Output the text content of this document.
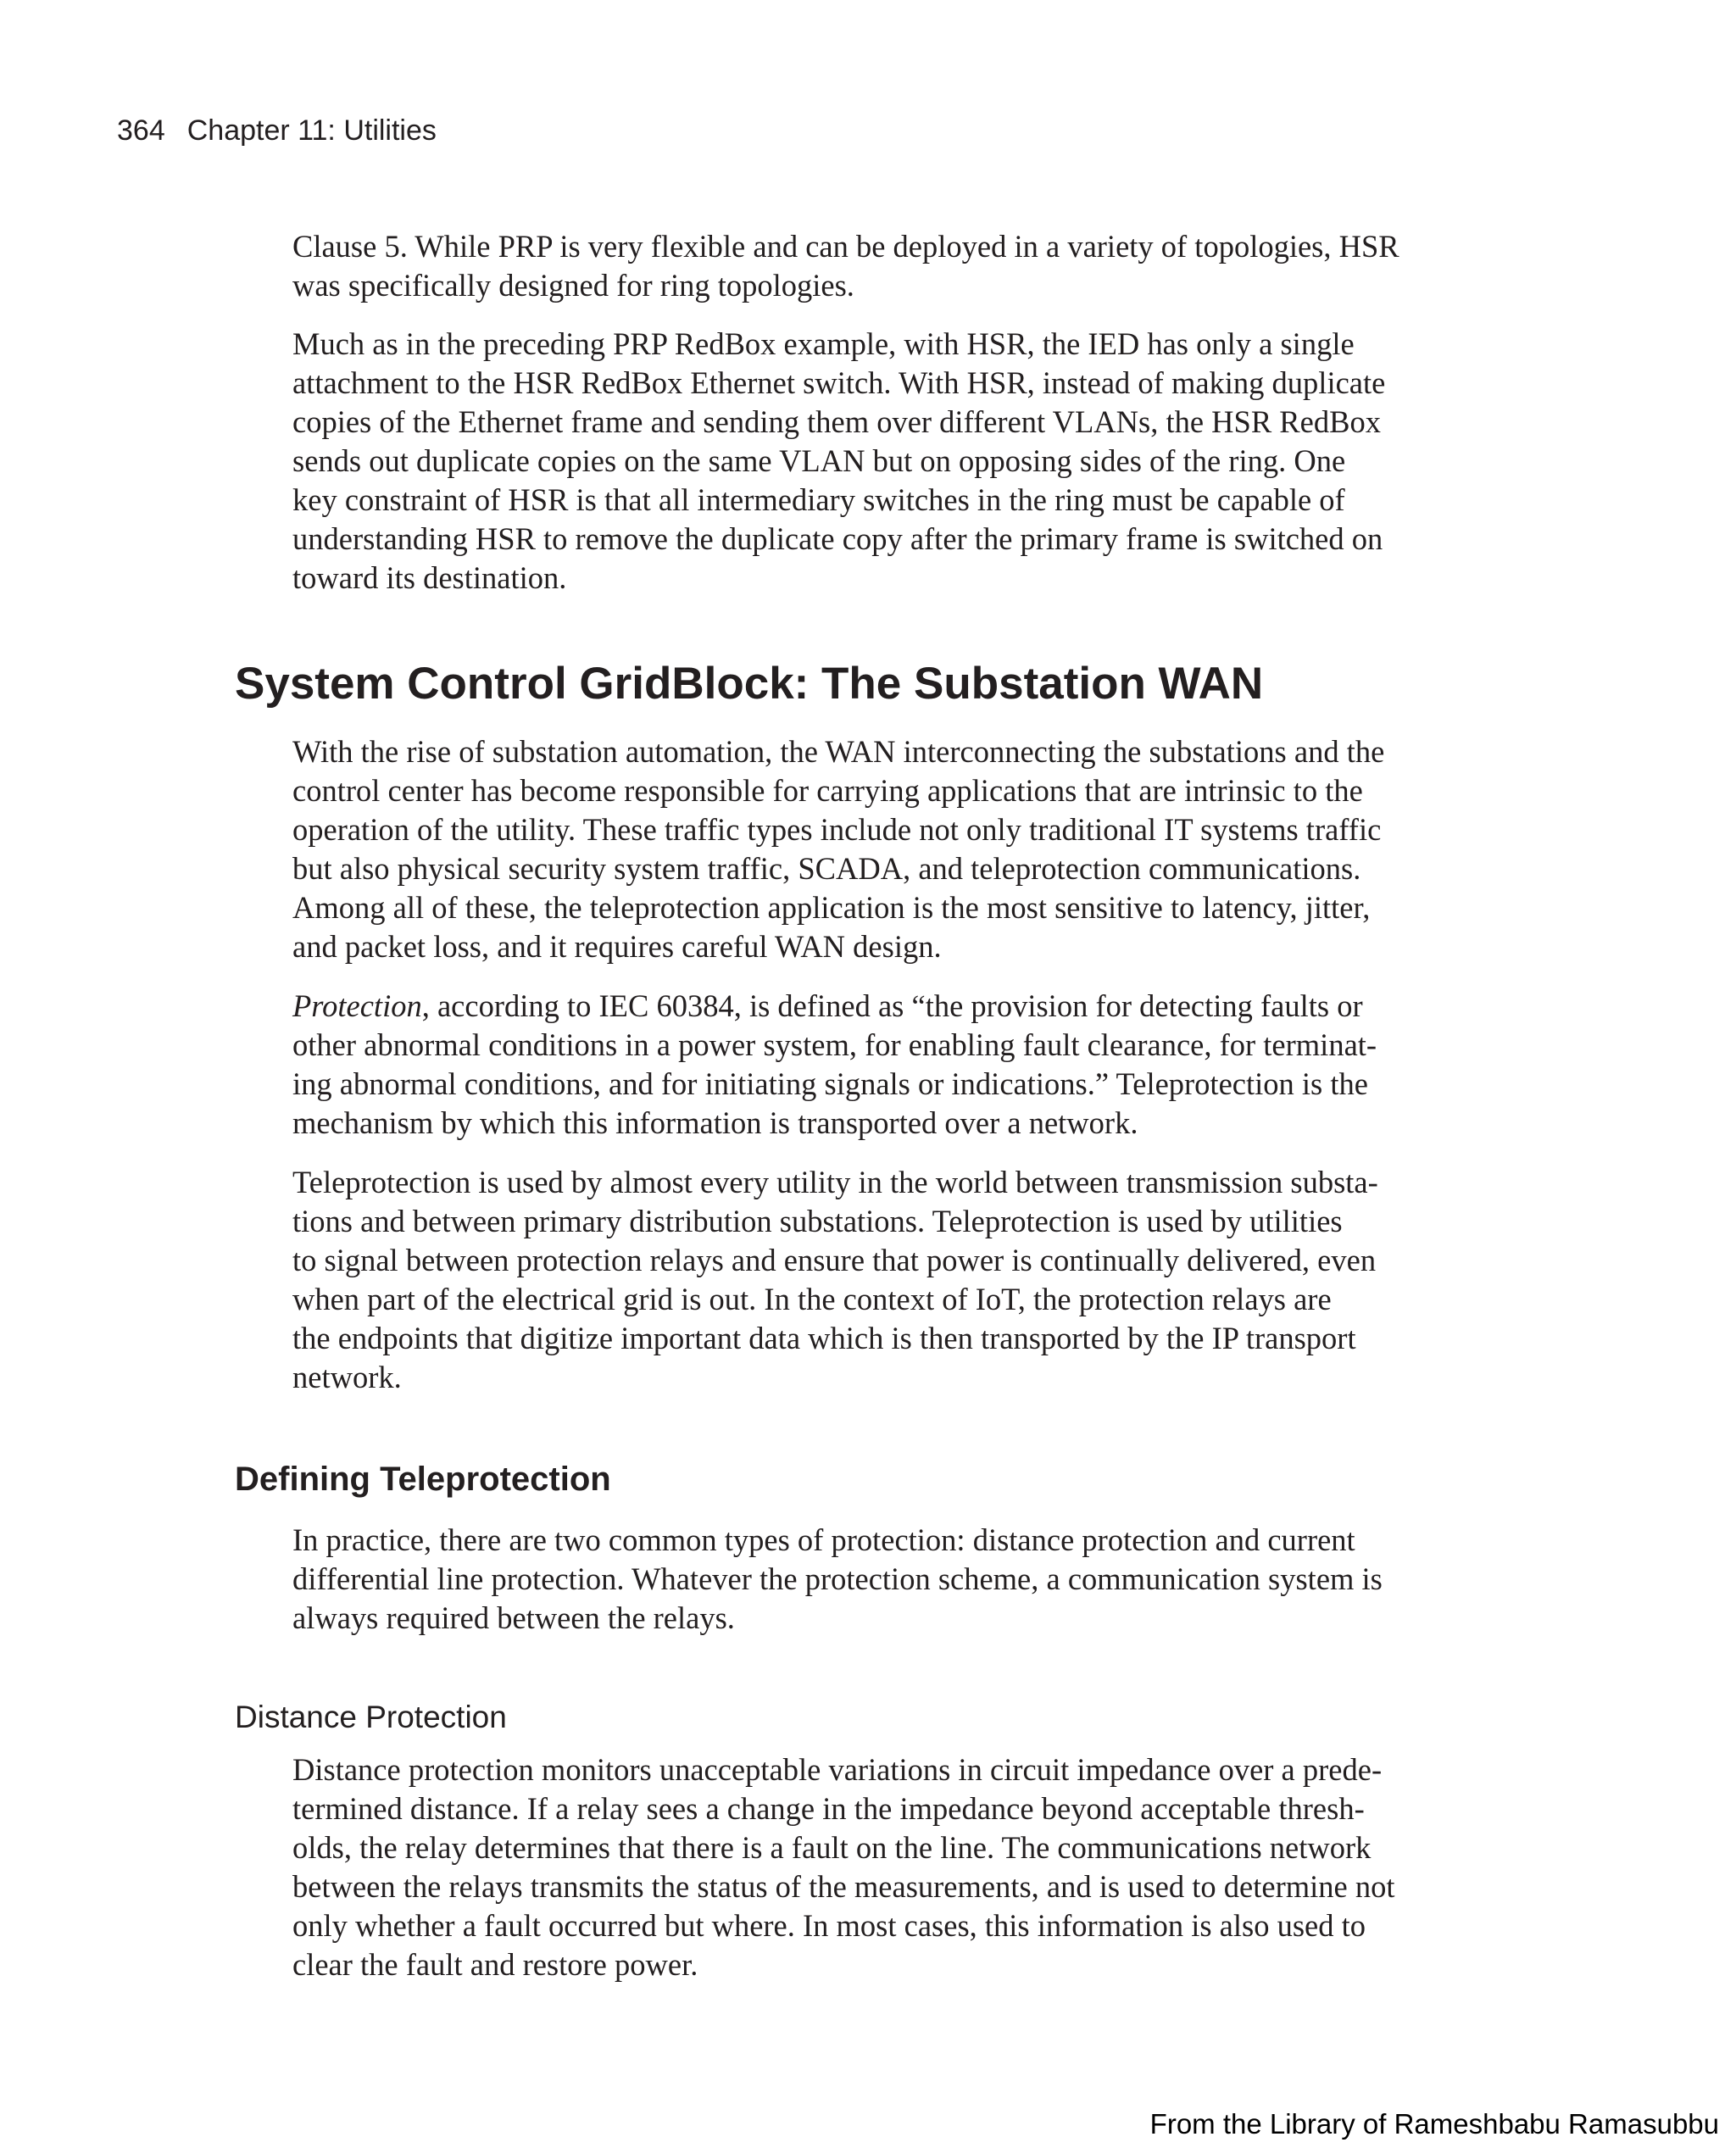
364 Chapter 11: Utilities

Clause 5. While PRP is very flexible and can be deployed in a variety of topologies, HSR
was specifically designed for ring topologies.

Much as in the preceding PRP RedBox example, with HSR, the IED has only a single
attachment to the HSR RedBox Ethernet switch. With HSR, instead of making duplicate
copies of the Ethernet frame and sending them over different VLANs, the HSR RedBox
sends out duplicate copies on the same VLAN but on opposing sides of the ring. One
key constraint of HSR is that all intermediary switches in the ring must be capable of
understanding HSR to remove the duplicate copy after the primary frame is switched on
toward its destination.

System Control GridBlock: The Substation WAN

With the rise of substation automation, the WAN interconnecting the substations and the
control center has become responsible for carrying applications that are intrinsic to the
operation of the utility. These traffic types include not only traditional IT systems traffic
but also physical security system traffic, SCADA, and teleprotection communications.
Among all of these, the teleprotection application is the most sensitive to latency, jitter,
and packet loss, and it requires careful WAN design.

Protection, according to IEC 60384, is defined as “the provision for detecting faults or
other abnormal conditions in a power system, for enabling fault clearance, for terminat-
ing abnormal conditions, and for initiating signals or indications.” Teleprotection is the
mechanism by which this information is transported over a network.

Teleprotection is used by almost every utility in the world between transmission substa-
tions and between primary distribution substations. Teleprotection is used by utilities
to signal between protection relays and ensure that power is continually delivered, even
when part of the electrical grid is out. In the context of IoT, the protection relays are
the endpoints that digitize important data which is then transported by the IP transport
network.

Defining Teleprotection

In practice, there are two common types of protection: distance protection and current
differential line protection. Whatever the protection scheme, a communication system is
always required between the relays.

Distance Protection

Distance protection monitors unacceptable variations in circuit impedance over a prede-
termined distance. If a relay sees a change in the impedance beyond acceptable thresh-
olds, the relay determines that there is a fault on the line. The communications network
between the relays transmits the status of the measurements, and is used to determine not
only whether a fault occurred but where. In most cases, this information is also used to
clear the fault and restore power.

From the Library of Rameshbabu Ramasubbu
